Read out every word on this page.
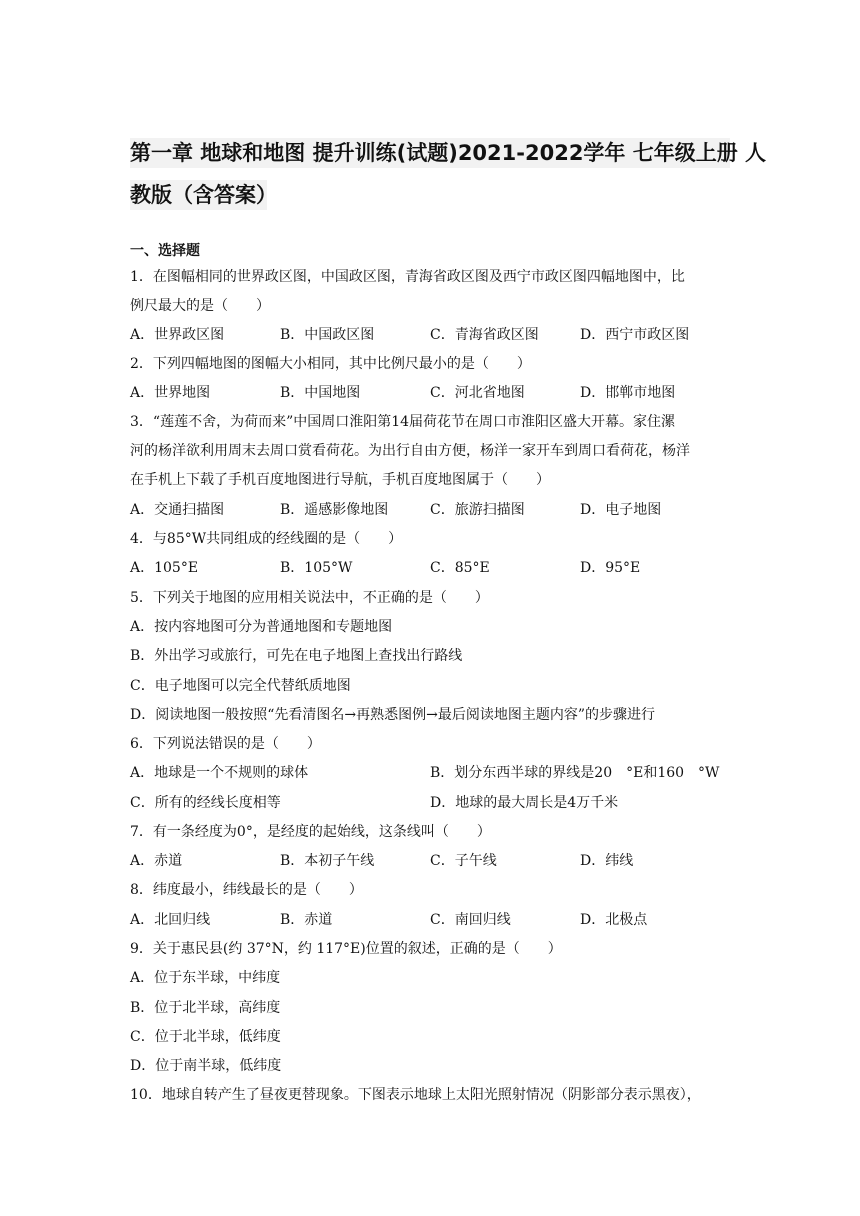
第一章 地球和地图 提升训练(试题)2021-2022学年 七年级上册 人
教版（含答案）
一、选择题
1．在图幅相同的世界政区图，中国政区图，青海省政区图及西宁市政区图四幅地图中，比
例尺最大的是（　　）
A．世界政区图	B．中国政区图	C．青海省政区图	D．西宁市政区图
2．下列四幅地图的图幅大小相同，其中比例尺最小的是（　　）
A．世界地图	B．中国地图	C．河北省地图	D．邯郸市地图
3．“莲莲不舍，为荷而来”中国周口淮阳第14届荷花节在周口市淮阳区盛大开幕。家住漯
河的杨洋欲利用周末去周口赏看荷花。为出行自由方便，杨洋一家开车到周口看荷花，杨洋
在手机上下载了手机百度地图进行导航，手机百度地图属于（　　）
A．交通扫描图	B．遥感影像地图	C．旅游扫描图	D．电子地图
4．与85°W共同组成的经线圈的是（　　）
A．105°E	B．105°W	C．85°E	D．95°E
5．下列关于地图的应用相关说法中，不正确的是（　　）
A．按内容地图可分为普通地图和专题地图
B．外出学习或旅行，可先在电子地图上查找出行路线
C．电子地图可以完全代替纸质地图
D．阅读地图一般按照“先看清图名→再熟悉图例→最后阅读地图主题内容”的步骤进行
6．下列说法错误的是（　　）
A．地球是一个不规则的球体	B．划分东西半球的界线是20　°E和160　°W
C．所有的经线长度相等	D．地球的最大周长是4万千米
7．有一条经度为0°，是经度的起始线，这条线叫（　　）
A．赤道	B．本初子午线	C．子午线	D．纬线
8．纬度最小，纬线最长的是（　　）
A．北回归线	B．赤道	C．南回归线	D．北极点
9．关于惠民县(约 37°N，约 117°E)位置的叙述，正确的是（　　）
A．位于东半球，中纬度
B．位于北半球，高纬度
C．位于北半球，低纬度
D．位于南半球，低纬度
10．地球自转产生了昼夜更替现象。下图表示地球上太阳光照射情况（阴影部分表示黑夜），
